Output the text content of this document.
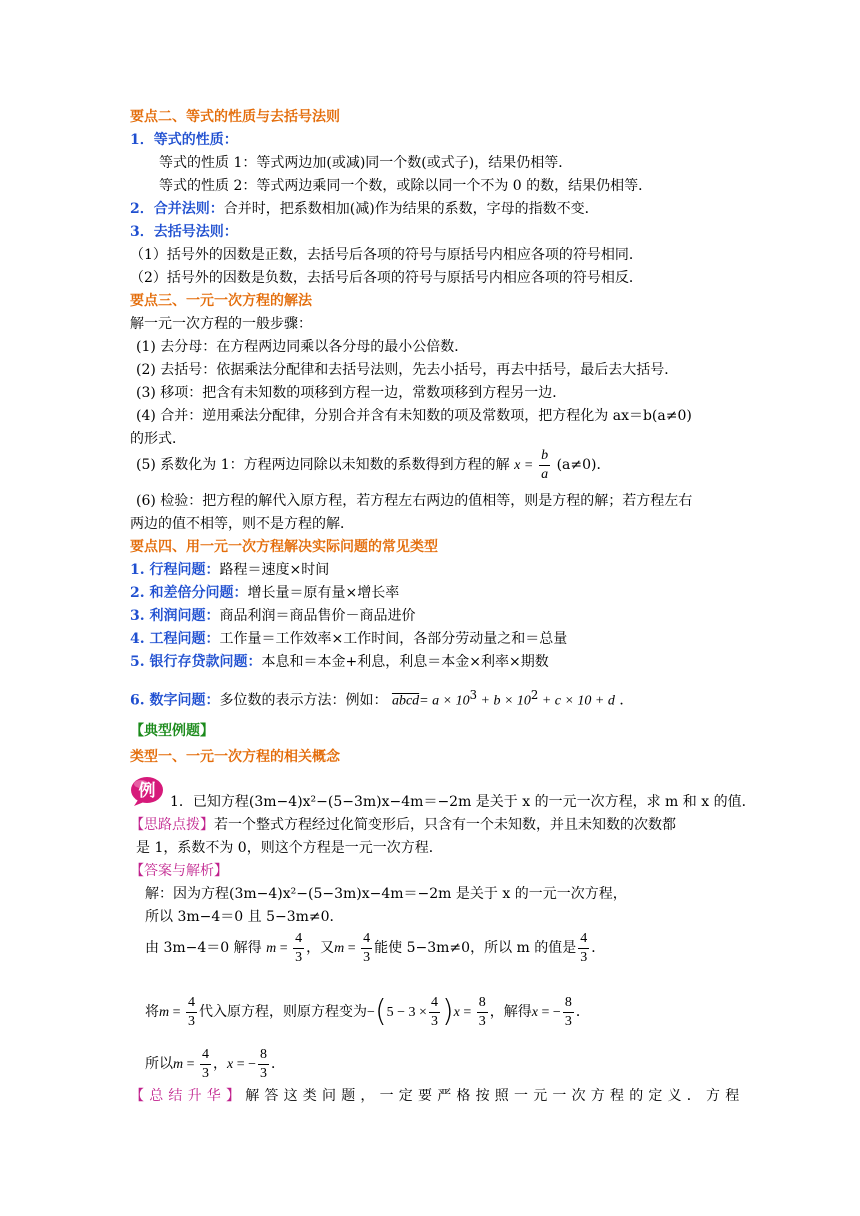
要点二、等式的性质与去括号法则
1．等式的性质：
等式的性质 1：等式两边加(或减)同一个数(或式子)，结果仍相等．
等式的性质 2：等式两边乘同一个数，或除以同一个不为 0 的数，结果仍相等．
2．合并法则：合并时，把系数相加(减)作为结果的系数，字母的指数不变．
3．去括号法则：
（1）括号外的因数是正数，去括号后各项的符号与原括号内相应各项的符号相同．
（2）括号外的因数是负数，去括号后各项的符号与原括号内相应各项的符号相反．
要点三、一元一次方程的解法
解一元一次方程的一般步骤：
(1) 去分母：在方程两边同乘以各分母的最小公倍数．
(2) 去括号：依据乘法分配律和去括号法则，先去小括号，再去中括号，最后去大括号．
(3) 移项：把含有未知数的项移到方程一边，常数项移到方程另一边．
(4) 合并：逆用乘法分配律，分别合并含有未知数的项及常数项，把方程化为 ax＝b(a≠0)
的形式．
(5) 系数化为 1：方程两边同除以未知数的系数得到方程的解 $x = \frac{b}{a} (a\ne 0)$．
(6) 检验：把方程的解代入原方程，若方程左右两边的值相等，则是方程的解；若方程左右
两边的值不相等，则不是方程的解．
要点四、用一元一次方程解决实际问题的常见类型
1. 行程问题：路程＝速度×时间
2. 和差倍分问题：增长量＝原有量×增长率
3. 利润问题：商品利润＝商品售价－商品进价
4. 工程问题：工作量＝工作效率×工作时间，各部分劳动量之和＝总量
5. 银行存贷款问题：本息和＝本金+利息，利息＝本金×利率×期数
6. 数字问题：多位数的表示方法：例如： abcd= $a \times 10^3 + b \times 10^2 + c \times 10 + d$ ．
【典型例题】
类型一、一元一次方程的相关概念
例
1．已知方程(3m−4)x²−(5−3m)x−4m＝−2m 是关于 x 的一元一次方程，求 m 和 x 的值．
【思路点拨】若一个整式方程经过化简变形后，只含有一个未知数，并且未知数的次数都
是 1，系数不为 0，则这个方程是一元一次方程．
【答案与解析】
解：因为方程(3m−4)x²−(5−3m)x−4m＝−2m 是关于 x 的一元一次方程，
所以 3m−4＝0 且 5−3m≠0．
由 3m−4＝0 解得 $m = \frac{4}{3}$ ，又$m = \frac{4}{3}$ 能使 5−3m≠0，所以 m 的值是 $\frac{4}{3}$ ．
将$m = \frac{4}{3}$ 代入原方程，则原方程变为$-(5 - 3 \times \frac{4}{3} )x = \frac{8}{3}$ ，解得x = − $\frac{8}{3}$ ．
所以$m = \frac{4}{3}$ ，x = − $\frac{8}{3}$ ．
【总结升华】解答这类问题，一定要严格按照一元一次方程的定义．方程
